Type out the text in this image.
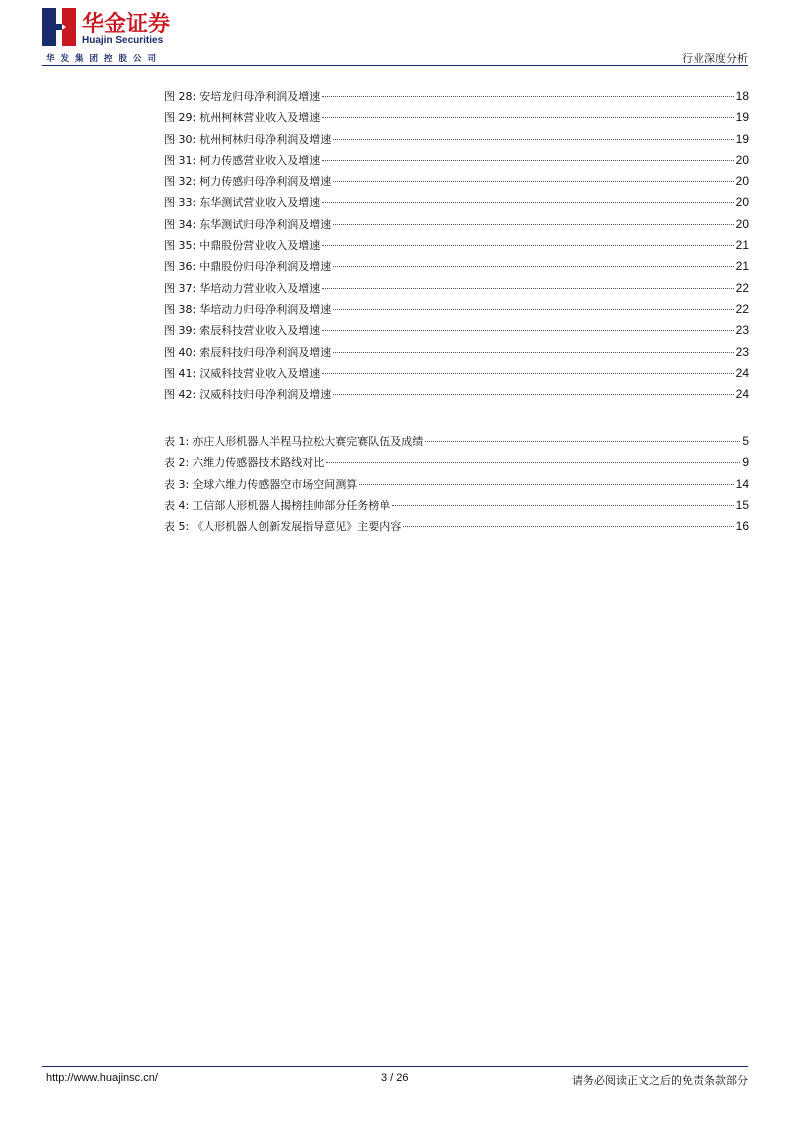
华金证券
Huajin Securities
华发集团控股公司	行业深度分析
图 28: 安培龙归母净利润及增速	18
图 29: 杭州柯林营业收入及增速	19
图 30: 杭州柯林归母净利润及增速	19
图 31: 柯力传感营业收入及增速	20
图 32: 柯力传感归母净利润及增速	20
图 33: 东华测试营业收入及增速	20
图 34: 东华测试归母净利润及增速	20
图 35: 中鼎股份营业收入及增速	21
图 36: 中鼎股份归母净利润及增速	21
图 37: 华培动力营业收入及增速	22
图 38: 华培动力归母净利润及增速	22
图 39: 索辰科技营业收入及增速	23
图 40: 索辰科技归母净利润及增速	23
图 41: 汉威科技营业收入及增速	24
图 42: 汉威科技归母净利润及增速	24
表 1: 亦庄人形机器人半程马拉松大赛完赛队伍及成绩	5
表 2: 六维力传感器技术路线对比	9
表 3: 全球六维力传感器空市场空间测算	14
表 4: 工信部人形机器人揭榜挂帅部分任务榜单	15
表 5: 《人形机器人创新发展指导意见》主要内容	16
http://www.huajinsc.cn/	3 / 26	请务必阅读正文之后的免责条款部分
